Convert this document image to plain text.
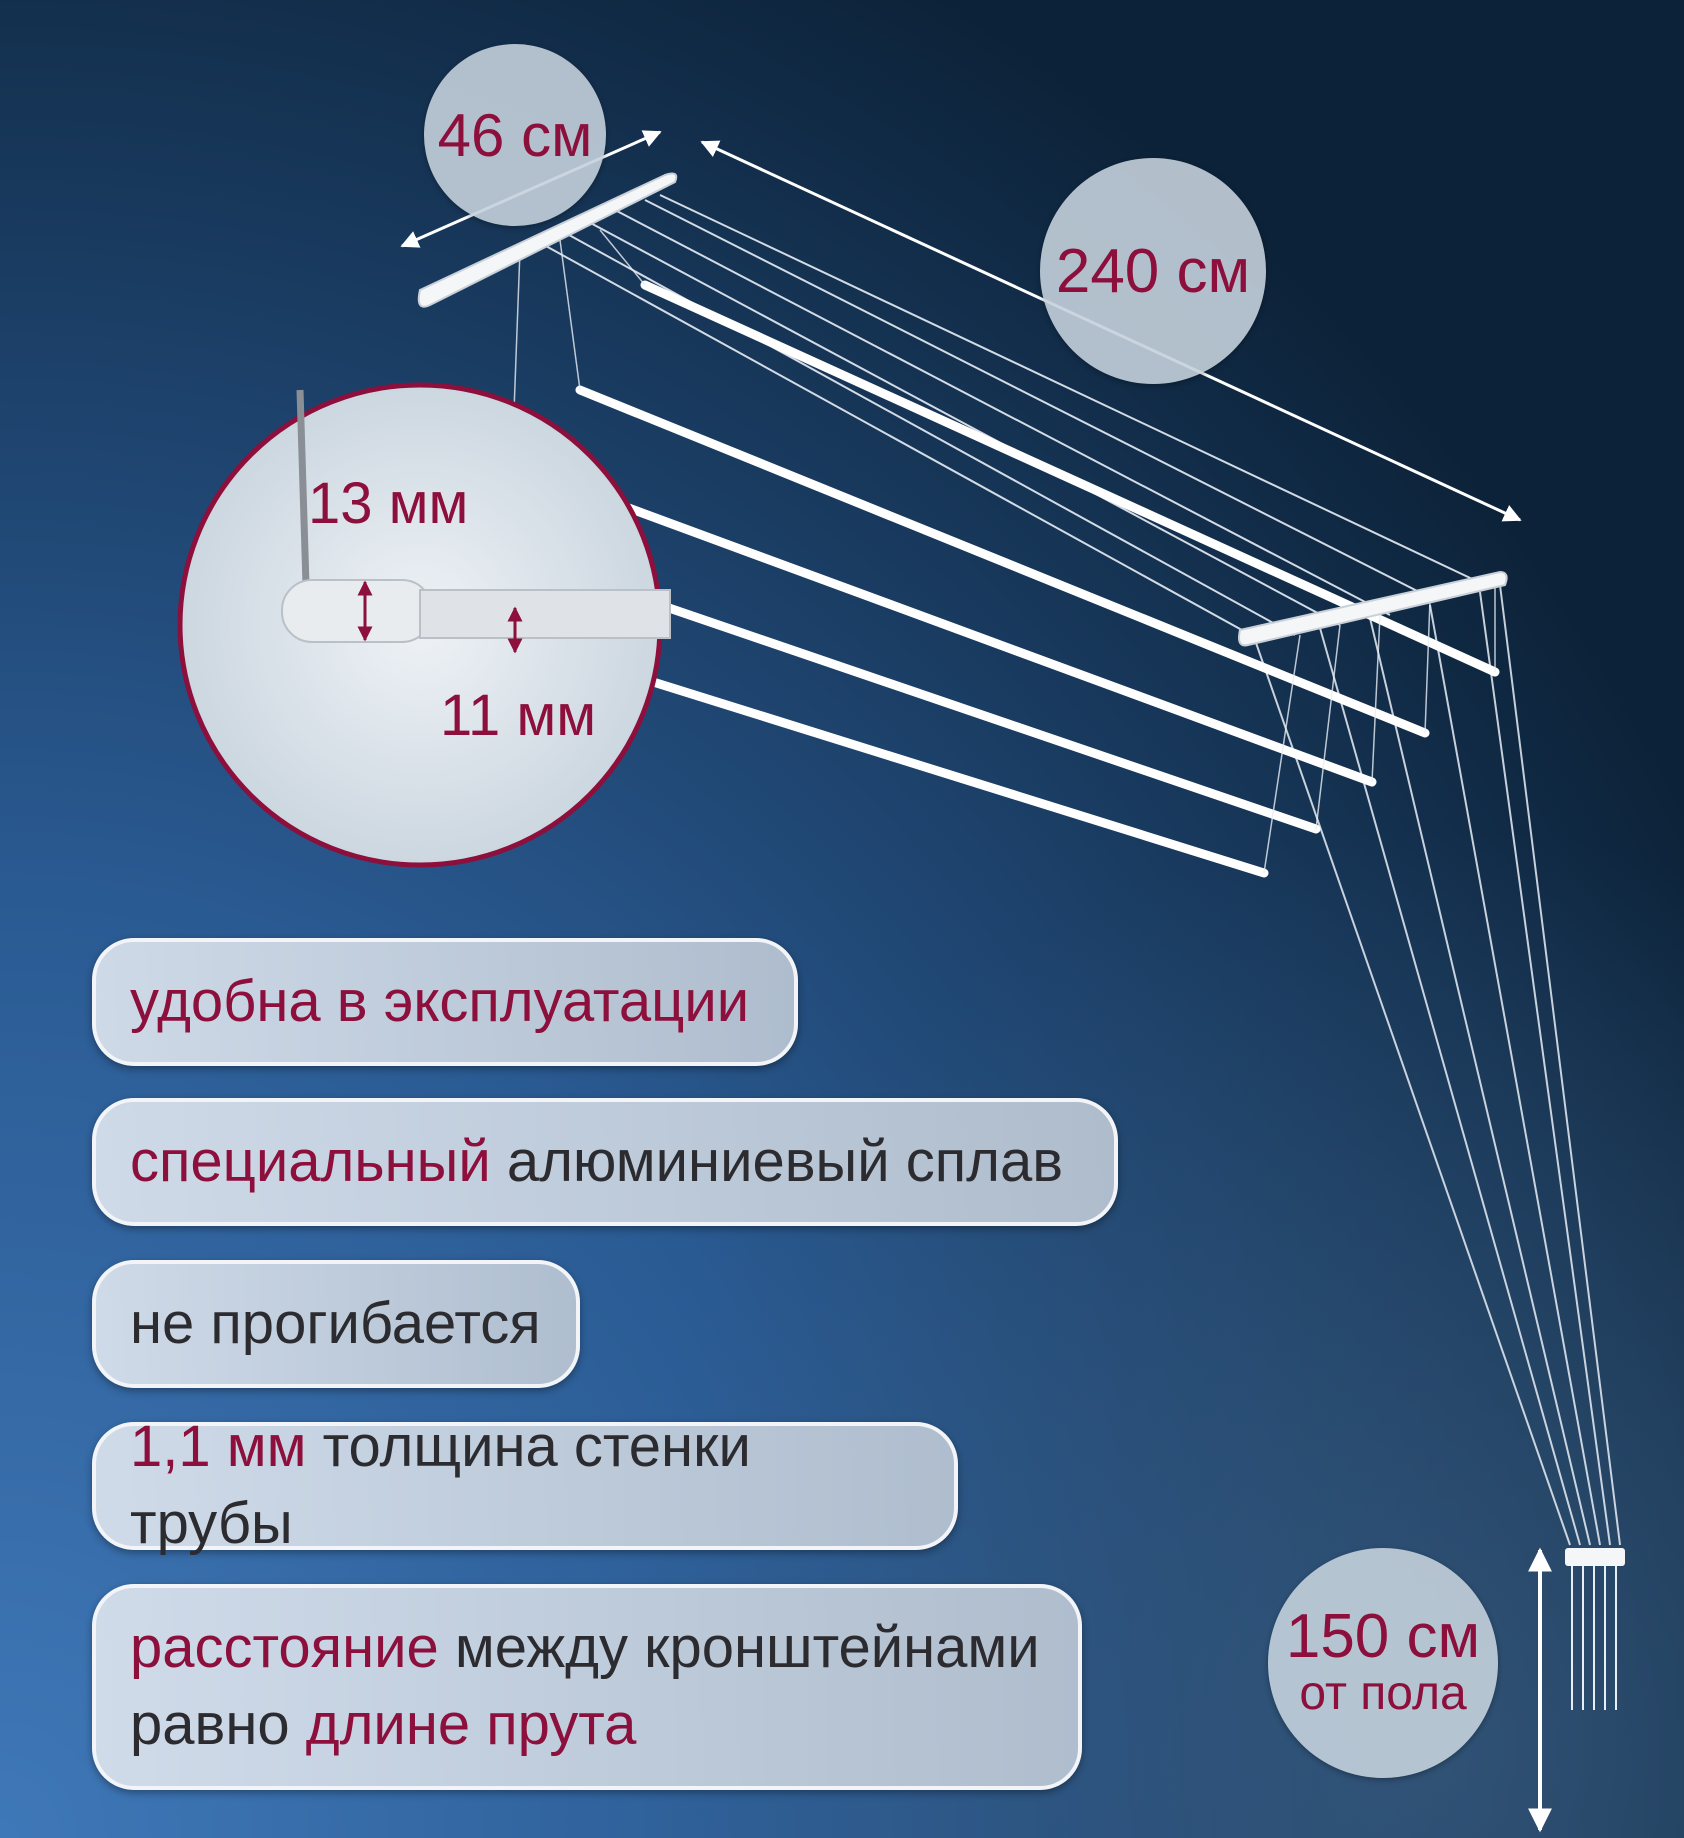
46 см
240 см
150 см
от пола
13 мм
11 мм
удобна в эксплуатации
специальный алюминиевый сплав
не прогибается
1,1 мм толщина стенки трубы
расстояние между кронштейнами
равно длине прута
